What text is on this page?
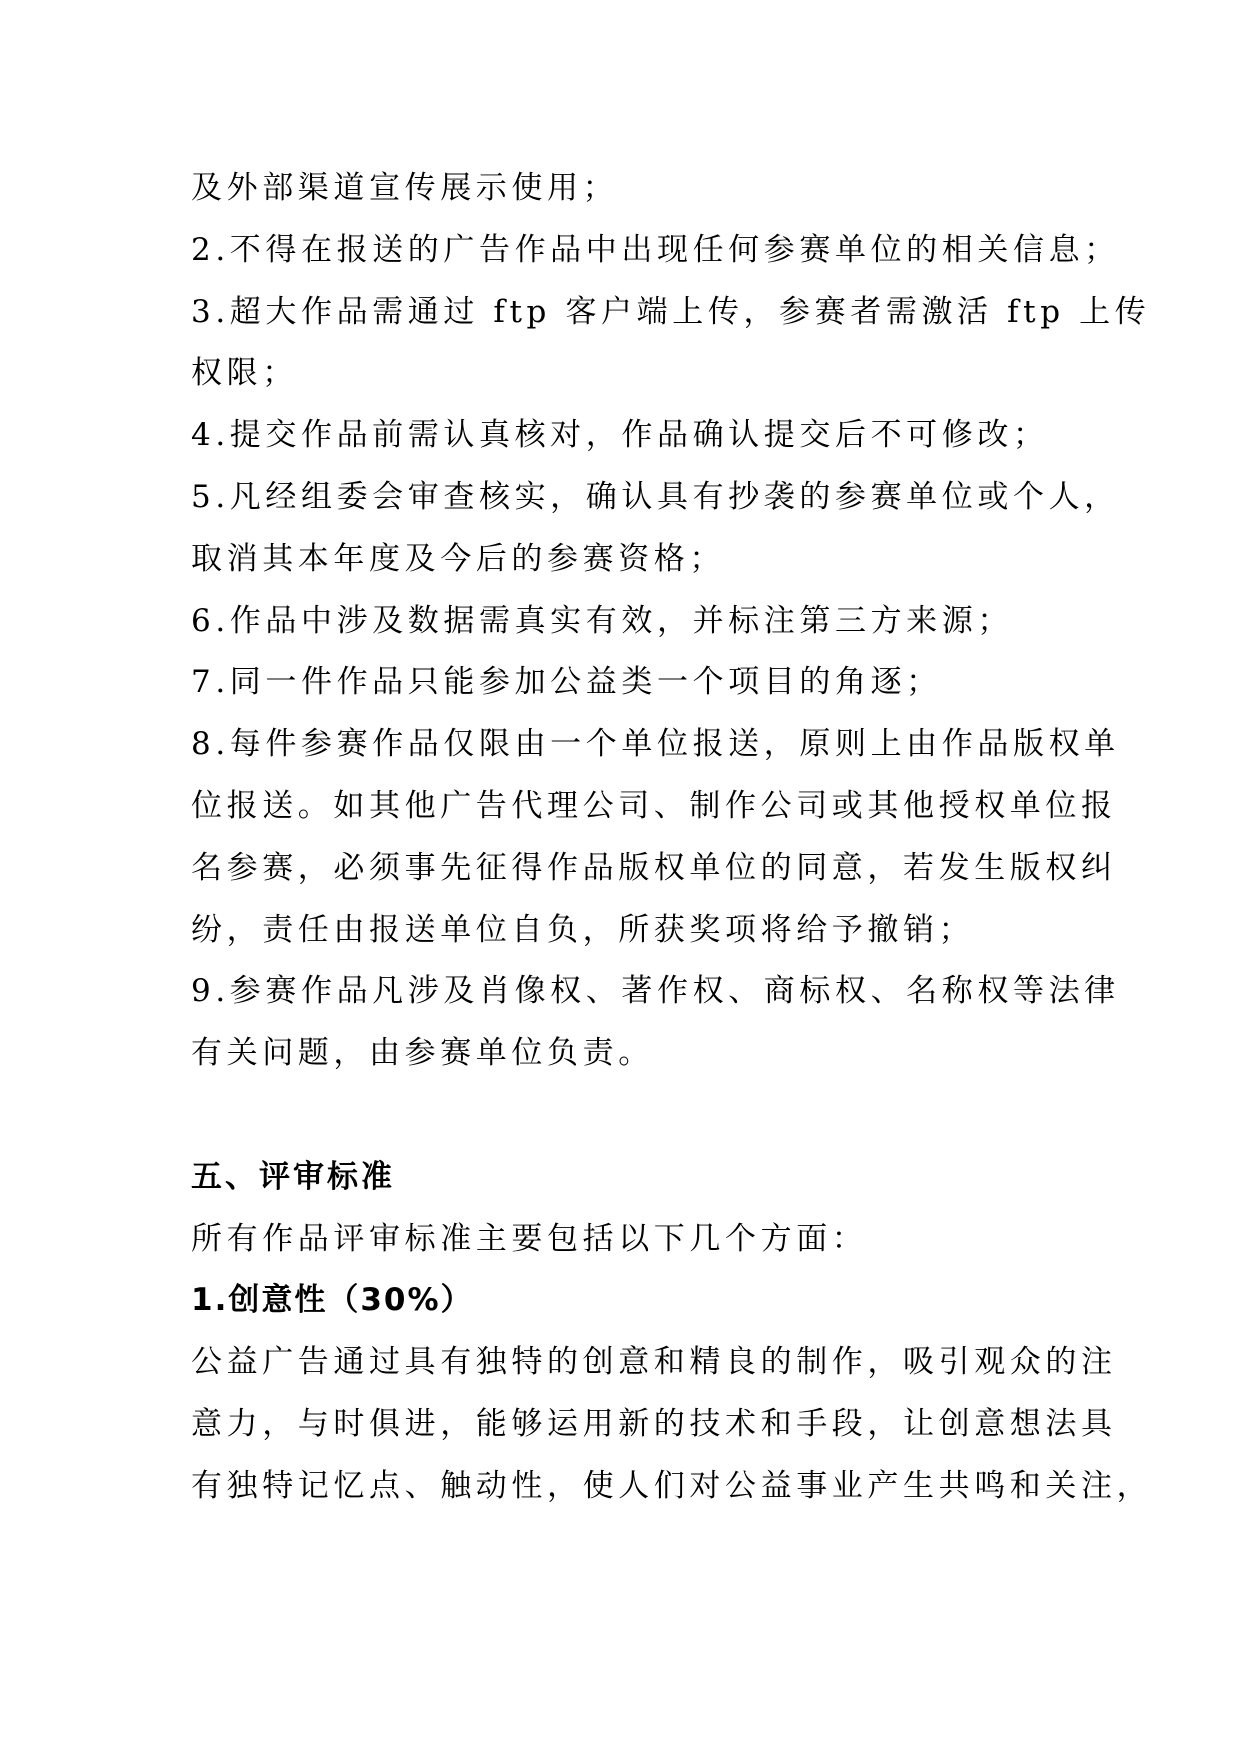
及外部渠道宣传展示使用；

2.不得在报送的广告作品中出现任何参赛单位的相关信息；

3.超大作品需通过 ftp 客户端上传，参赛者需激活 ftp 上传

权限；

4.提交作品前需认真核对，作品确认提交后不可修改；

5.凡经组委会审查核实，确认具有抄袭的参赛单位或个人，

取消其本年度及今后的参赛资格；

6.作品中涉及数据需真实有效，并标注第三方来源；

7.同一件作品只能参加公益类一个项目的角逐；

8.每件参赛作品仅限由一个单位报送，原则上由作品版权单

位报送。如其他广告代理公司、制作公司或其他授权单位报

名参赛，必须事先征得作品版权单位的同意，若发生版权纠

纷，责任由报送单位自负，所获奖项将给予撤销；

9.参赛作品凡涉及肖像权、著作权、商标权、名称权等法律

有关问题，由参赛单位负责。

五、评审标准

所有作品评审标准主要包括以下几个方面：

1.创意性（30%）

公益广告通过具有独特的创意和精良的制作，吸引观众的注

意力，与时俱进，能够运用新的技术和手段，让创意想法具

有独特记忆点、触动性，使人们对公益事业产生共鸣和关注，
